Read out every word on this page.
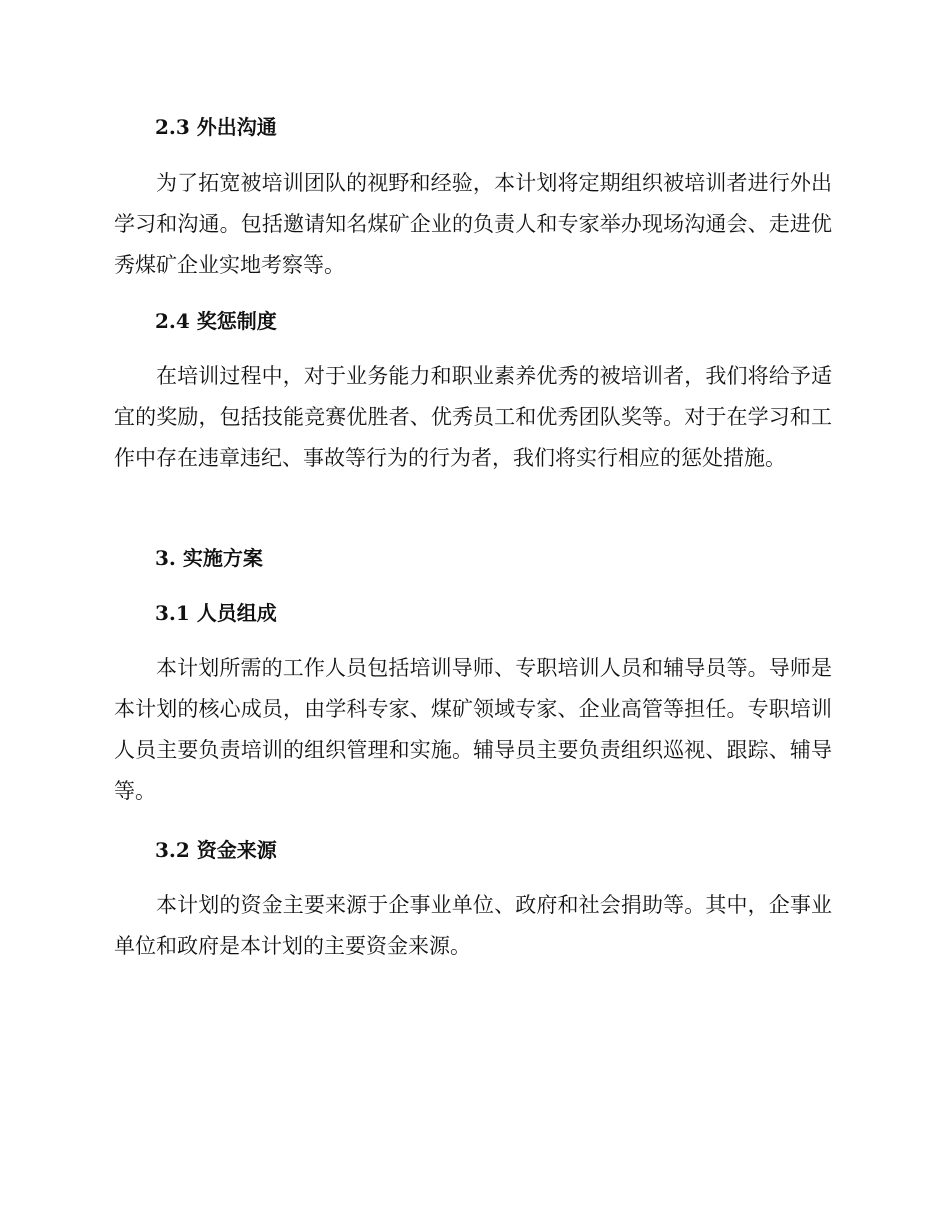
2.3 外出沟通

为了拓宽被培训团队的视野和经验，本计划将定期组织被培训者进行外出学习和沟通。包括邀请知名煤矿企业的负责人和专家举办现场沟通会、走进优秀煤矿企业实地考察等。

2.4 奖惩制度

在培训过程中，对于业务能力和职业素养优秀的被培训者，我们将给予适宜的奖励，包括技能竞赛优胜者、优秀员工和优秀团队奖等。对于在学习和工作中存在违章违纪、事故等行为的行为者，我们将实行相应的惩处措施。

3. 实施方案
3.1 人员组成

本计划所需的工作人员包括培训导师、专职培训人员和辅导员等。导师是本计划的核心成员，由学科专家、煤矿领域专家、企业高管等担任。专职培训人员主要负责培训的组织管理和实施。辅导员主要负责组织巡视、跟踪、辅导等。

3.2 资金来源

本计划的资金主要来源于企事业单位、政府和社会捐助等。其中，企事业单位和政府是本计划的主要资金来源。
